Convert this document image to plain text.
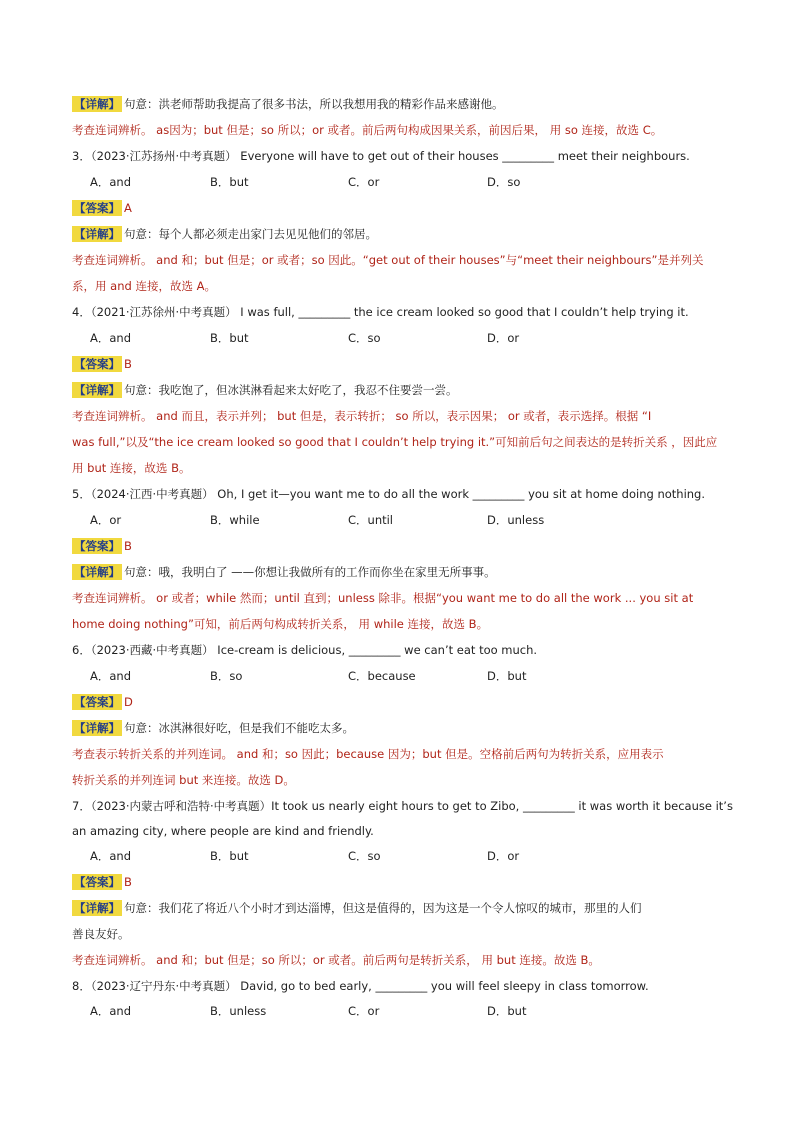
【详解】 句意：洪老师帮助我提高了很多书法，所以我想用我的精彩作品来感谢他。
考查连词辨析。 as因为；but 但是；so 所以；or 或者。前后两句构成因果关系，前因后果， 用 so 连接，故选 C。
3．（2023·江苏扬州·中考真题） Everyone will have to get out of their houses _________ meet their neighbours.
A．and	B．but	C．or	D．so
【答案】 A
【详解】 句意：每个人都必须走出家门去见见他们的邻居。
考查连词辨析。 and 和；but 但是；or 或者；so 因此。“get out of their houses”与“meet their neighbours”是并列关
系，用 and 连接，故选 A。
4．（2021·江苏徐州·中考真题） I was full, _________ the ice cream looked so good that I couldn’t help trying it.
A．and	B．but	C．so	D．or
【答案】 B
【详解】 句意：我吃饱了，但冰淇淋看起来太好吃了，我忍不住要尝一尝。
考查连词辨析。 and 而且，表示并列； but 但是，表示转折； so 所以，表示因果； or 或者，表示选择。根据 “I
was full,”以及“the ice cream looked so good that I couldn’t help trying it.”可知前后句之间表达的是转折关系 ，因此应
用 but 连接，故选 B。
5．（2024·江西·中考真题） Oh, I get it—you want me to do all the work _________ you sit at home doing nothing.
A．or	B．while	C．until	D．unless
【答案】 B
【详解】 句意：哦，我明白了 ——你想让我做所有的工作而你坐在家里无所事事。
考查连词辨析。 or 或者；while 然而；until 直到；unless 除非。根据“you want me to do all the work ... you sit at
home doing nothing”可知，前后两句构成转折关系， 用 while 连接，故选 B。
6．（2023·西藏·中考真题） Ice-cream is delicious, _________ we can’t eat too much.
A．and	B．so	C．because	D．but
【答案】 D
【详解】 句意：冰淇淋很好吃，但是我们不能吃太多。
考查表示转折关系的并列连词。 and 和；so 因此；because 因为；but 但是。空格前后两句为转折关系，应用表示
转折关系的并列连词 but 来连接。故选 D。
7．（2023·内蒙古呼和浩特·中考真题）It took us nearly eight hours to get to Zibo, _________ it was worth it because it’s
an amazing city, where people are kind and friendly.
A．and	B．but	C．so	D．or
【答案】 B
【详解】 句意：我们花了将近八个小时才到达淄博，但这是值得的，因为这是一个令人惊叹的城市，那里的人们
善良友好。
考查连词辨析。 and 和；but 但是；so 所以；or 或者。前后两句是转折关系， 用 but 连接。故选 B。
8．（2023·辽宁丹东·中考真题） David, go to bed early, _________ you will feel sleepy in class tomorrow.
A．and	B．unless	C．or	D．but
